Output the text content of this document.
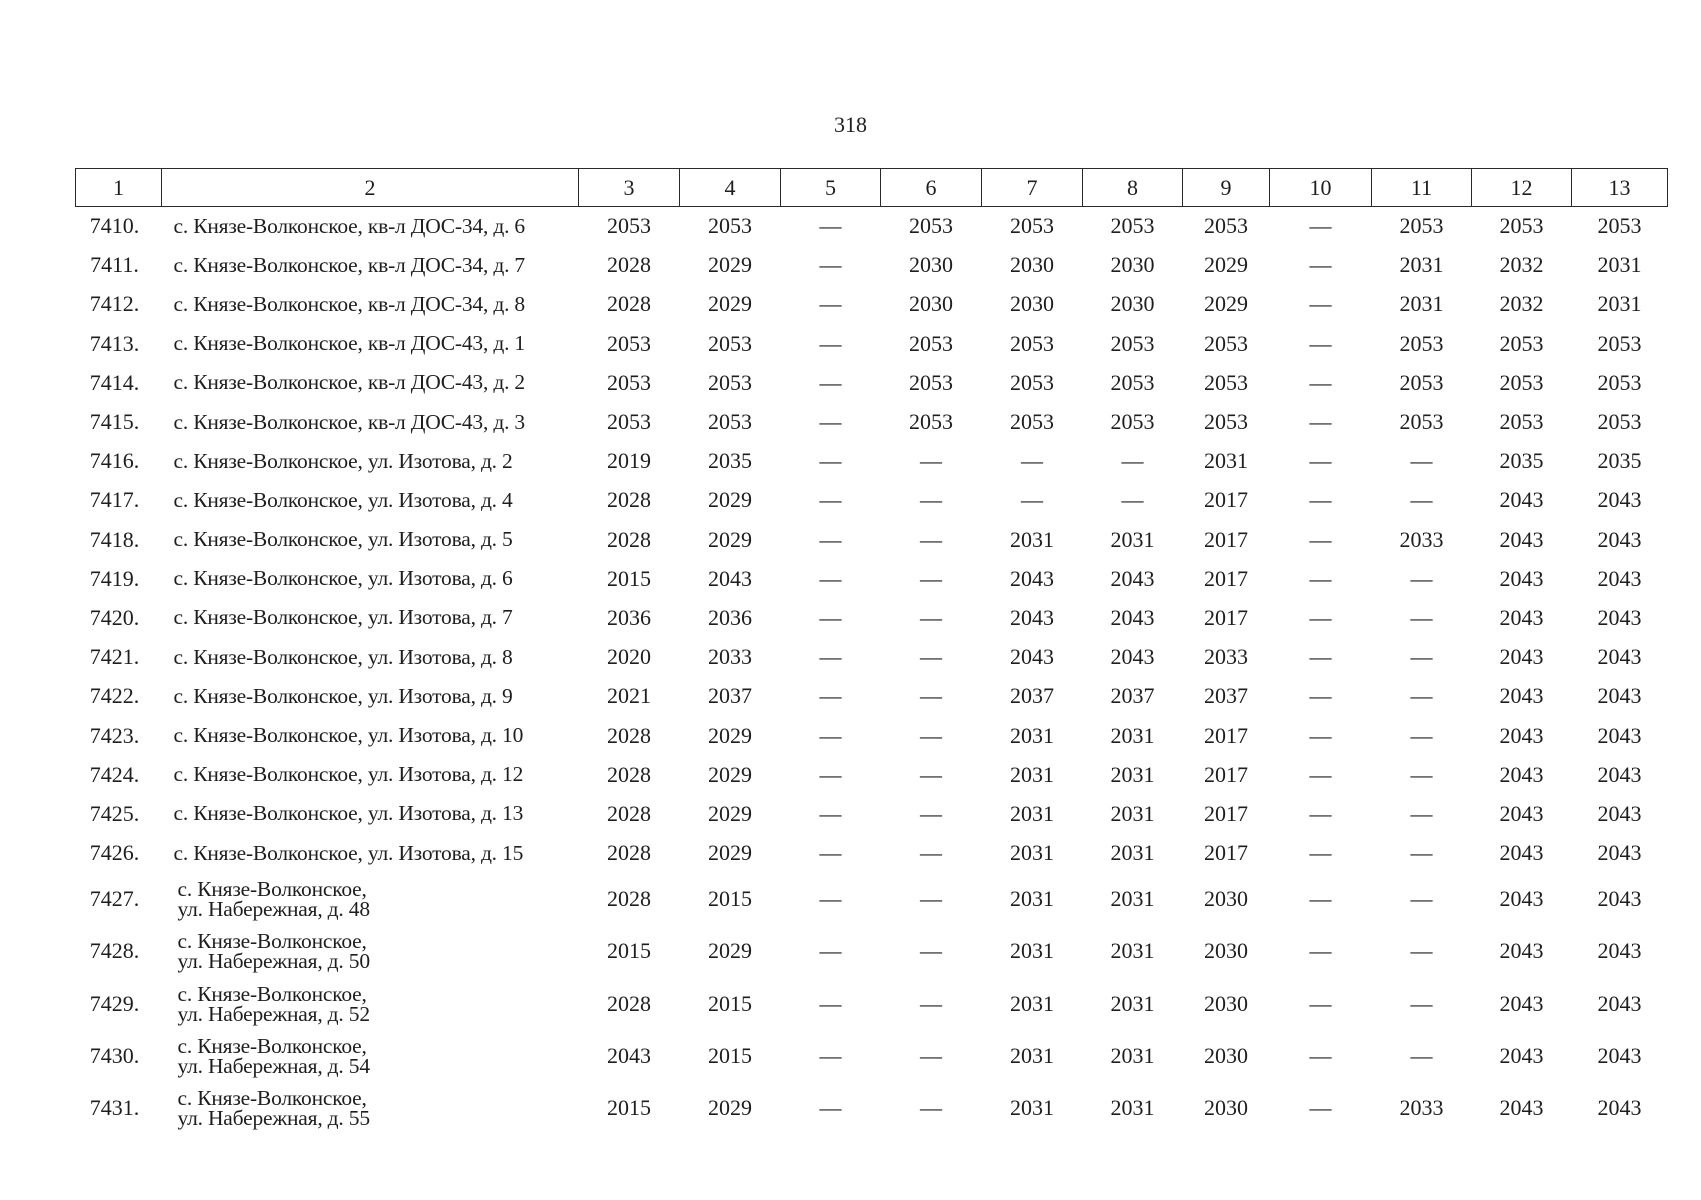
318
1	2	3	4	5	6	7	8	9	10	11	12	13
7410.	с. Князе-Волконское, кв-л ДОС-34, д. 6	2053	2053	—	2053	2053	2053	2053	—	2053	2053	2053
7411.	с. Князе-Волконское, кв-л ДОС-34, д. 7	2028	2029	—	2030	2030	2030	2029	—	2031	2032	2031
7412.	с. Князе-Волконское, кв-л ДОС-34, д. 8	2028	2029	—	2030	2030	2030	2029	—	2031	2032	2031
7413.	с. Князе-Волконское, кв-л ДОС-43, д. 1	2053	2053	—	2053	2053	2053	2053	—	2053	2053	2053
7414.	с. Князе-Волконское, кв-л ДОС-43, д. 2	2053	2053	—	2053	2053	2053	2053	—	2053	2053	2053
7415.	с. Князе-Волконское, кв-л ДОС-43, д. 3	2053	2053	—	2053	2053	2053	2053	—	2053	2053	2053
7416.	с. Князе-Волконское, ул. Изотова, д. 2	2019	2035	—	—	—	—	2031	—	—	2035	2035
7417.	с. Князе-Волконское, ул. Изотова, д. 4	2028	2029	—	—	—	—	2017	—	—	2043	2043
7418.	с. Князе-Волконское, ул. Изотова, д. 5	2028	2029	—	—	2031	2031	2017	—	2033	2043	2043
7419.	с. Князе-Волконское, ул. Изотова, д. 6	2015	2043	—	—	2043	2043	2017	—	—	2043	2043
7420.	с. Князе-Волконское, ул. Изотова, д. 7	2036	2036	—	—	2043	2043	2017	—	—	2043	2043
7421.	с. Князе-Волконское, ул. Изотова, д. 8	2020	2033	—	—	2043	2043	2033	—	—	2043	2043
7422.	с. Князе-Волконское, ул. Изотова, д. 9	2021	2037	—	—	2037	2037	2037	—	—	2043	2043
7423.	с. Князе-Волконское, ул. Изотова, д. 10	2028	2029	—	—	2031	2031	2017	—	—	2043	2043
7424.	с. Князе-Волконское, ул. Изотова, д. 12	2028	2029	—	—	2031	2031	2017	—	—	2043	2043
7425.	с. Князе-Волконское, ул. Изотова, д. 13	2028	2029	—	—	2031	2031	2017	—	—	2043	2043
7426.	с. Князе-Волконское, ул. Изотова, д. 15	2028	2029	—	—	2031	2031	2017	—	—	2043	2043
7427.	с. Князе-Волконское,
ул. Набережная, д. 48	2028	2015	—	—	2031	2031	2030	—	—	2043	2043
7428.	с. Князе-Волконское,
ул. Набережная, д. 50	2015	2029	—	—	2031	2031	2030	—	—	2043	2043
7429.	с. Князе-Волконское,
ул. Набережная, д. 52	2028	2015	—	—	2031	2031	2030	—	—	2043	2043
7430.	с. Князе-Волконское,
ул. Набережная, д. 54	2043	2015	—	—	2031	2031	2030	—	—	2043	2043
7431.	с. Князе-Волконское,
ул. Набережная, д. 55	2015	2029	—	—	2031	2031	2030	—	2033	2043	2043
